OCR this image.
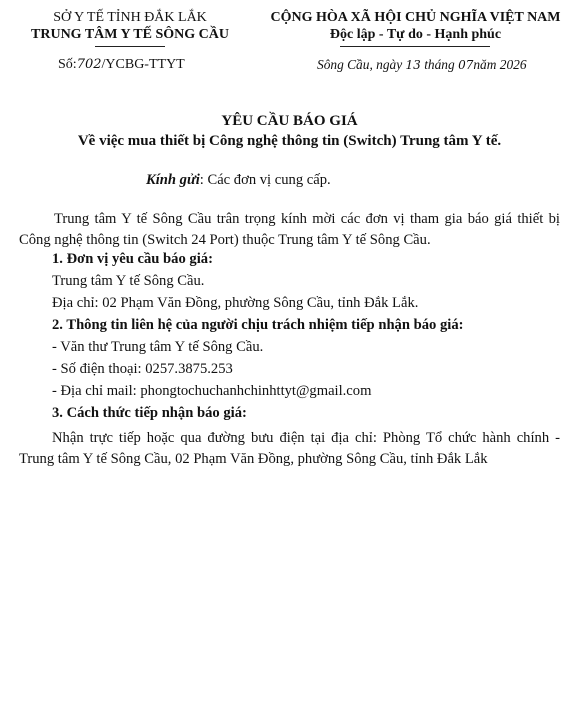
SỞ Y TẾ TỈNH ĐẮK LẮK
TRUNG TÂM Y TẾ SÔNG CẦU
Số:702/YCBG-TTYT
CỘNG HÒA XÃ HỘI CHỦ NGHĨA VIỆT NAM
Độc lập - Tự do - Hạnh phúc
Sông Cầu, ngày 13 tháng 07năm 2026
YÊU CẦU BÁO GIÁ
Về việc mua thiết bị Công nghệ thông tin (Switch) Trung tâm Y tế.
Kính gửi: Các đơn vị cung cấp.
Trung tâm Y tế Sông Cầu trân trọng kính mời các đơn vị tham gia báo giá thiết bị Công nghệ thông tin (Switch 24 Port) thuộc Trung tâm Y tế Sông Cầu.
1. Đơn vị yêu cầu báo giá:
Trung tâm Y tế Sông Cầu.
Địa chỉ: 02 Phạm Văn Đồng, phường Sông Cầu, tỉnh Đắk Lắk.
2. Thông tin liên hệ của người chịu trách nhiệm tiếp nhận báo giá:
- Văn thư Trung tâm Y tế Sông Cầu.
- Số điện thoại: 0257.3875.253
- Địa chỉ mail: phongtochuchanhchinhttyt@gmail.com
3. Cách thức tiếp nhận báo giá:
Nhận trực tiếp hoặc qua đường bưu điện tại địa chỉ: Phòng Tổ chức hành chính - Trung tâm Y tế Sông Cầu, 02 Phạm Văn Đồng, phường Sông Cầu, tỉnh Đắk Lắk
